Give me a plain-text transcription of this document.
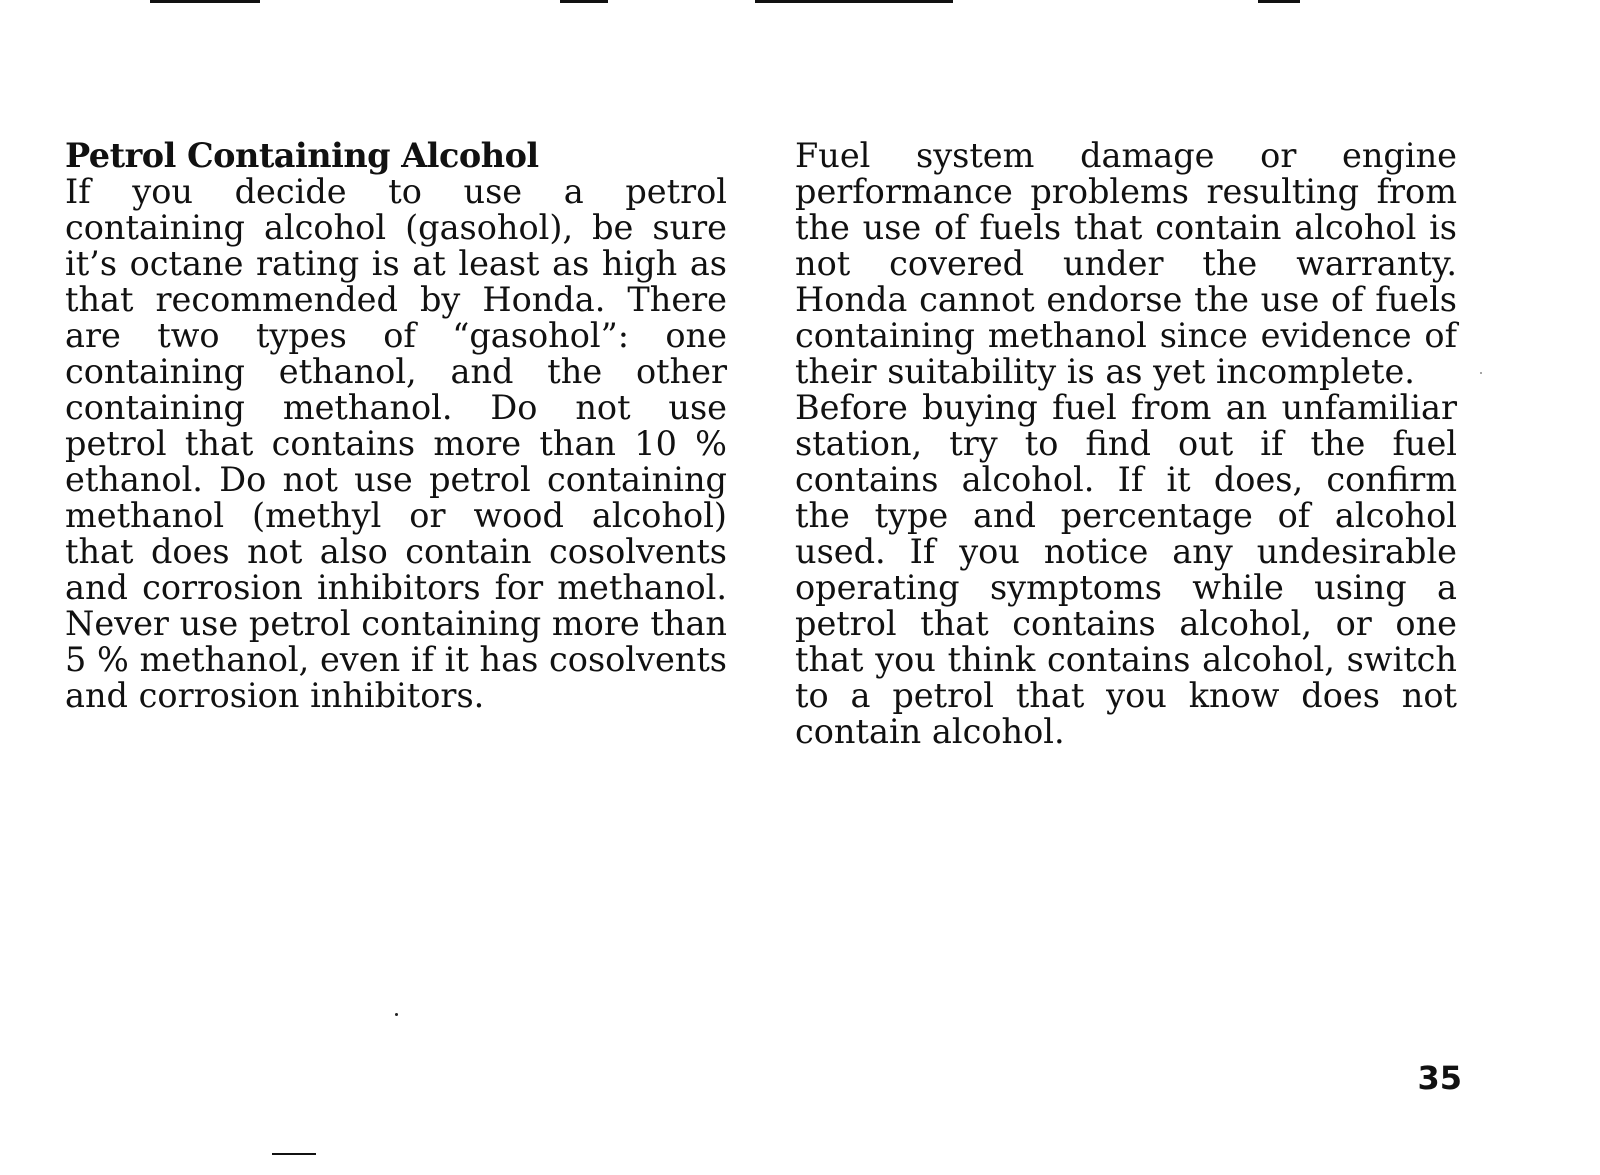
Petrol Containing Alcohol

If you decide to use a petrol containing alcohol (gasohol), be sure it’s octane rating is at least as high as that recommended by Honda. There are two types of “gasohol”: one containing ethanol, and the other containing methanol. Do not use petrol that contains more than 10 % ethanol. Do not use petrol containing methanol (methyl or wood alcohol) that does not also contain cosolvents and corrosion inhibitors for methanol. Never use petrol containing more than 5 % methanol, even if it has cosolvents and corrosion inhibitors.

Fuel system damage or engine performance problems resulting from the use of fuels that contain alcohol is not covered under the warranty. Honda cannot endorse the use of fuels containing methanol since evidence of their suitability is as yet incomplete.

Before buying fuel from an unfamiliar station, try to find out if the fuel contains alcohol. If it does, confirm the type and percentage of alcohol used. If you notice any undesirable operating symptoms while using a petrol that contains alcohol, or one that you think contains alcohol, switch to a petrol that you know does not contain alcohol.

35
